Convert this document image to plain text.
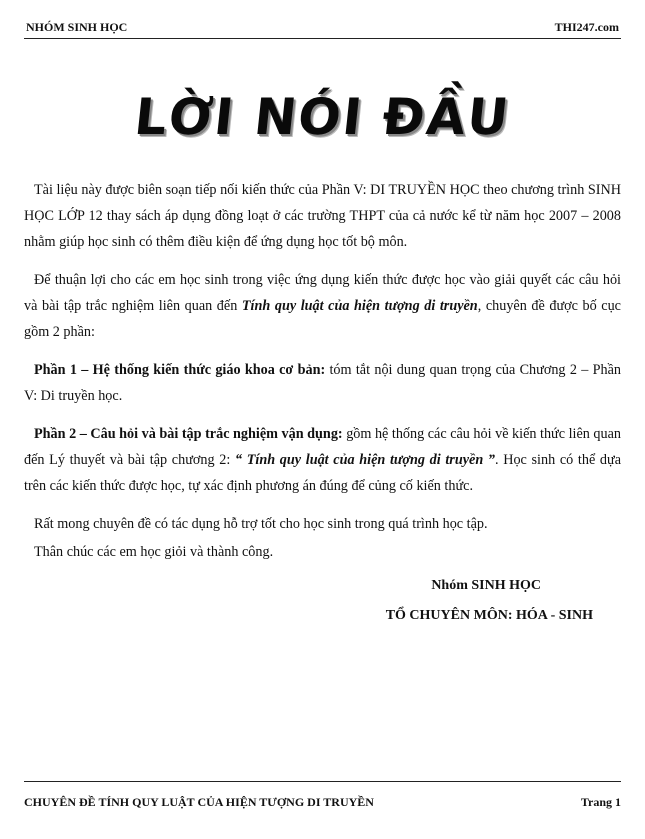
NHÓM SINH HỌC	THI247.com
LỜI NÓI ĐẦU

Tài liệu này được biên soạn tiếp nối kiến thức của Phần V: DI TRUYỀN HỌC theo chương trình SINH HỌC LỚP 12 thay sách áp dụng đồng loạt ở các trường THPT của cả nước kể từ năm học 2007 – 2008 nhằm giúp học sinh có thêm điều kiện để ứng dụng học tốt bộ môn.

Để thuận lợi cho các em học sinh trong việc ứng dụng kiến thức được học vào giải quyết các câu hỏi và bài tập trắc nghiệm liên quan đến Tính quy luật của hiện tượng di truyền, chuyên đề được bố cục gồm 2 phần:

Phần 1 – Hệ thống kiến thức giáo khoa cơ bản: tóm tắt nội dung quan trọng của Chương 2 – Phần V: Di truyền học.

Phần 2 – Câu hỏi và bài tập trắc nghiệm vận dụng: gồm hệ thống các câu hỏi về kiến thức liên quan đến Lý thuyết và bài tập chương 2: “ Tính quy luật của hiện tượng di truyền ”. Học sinh có thể dựa trên các kiến thức được học, tự xác định phương án đúng để củng cố kiến thức.

Rất mong chuyên đề có tác dụng hỗ trợ tốt cho học sinh trong quá trình học tập.

Thân chúc các em học giỏi và thành công.

Nhóm SINH HỌC
TỔ CHUYÊN MÔN: HÓA - SINH
CHUYÊN ĐỀ TÍNH QUY LUẬT CỦA HIỆN TƯỢNG DI TRUYỀN	Trang 1
